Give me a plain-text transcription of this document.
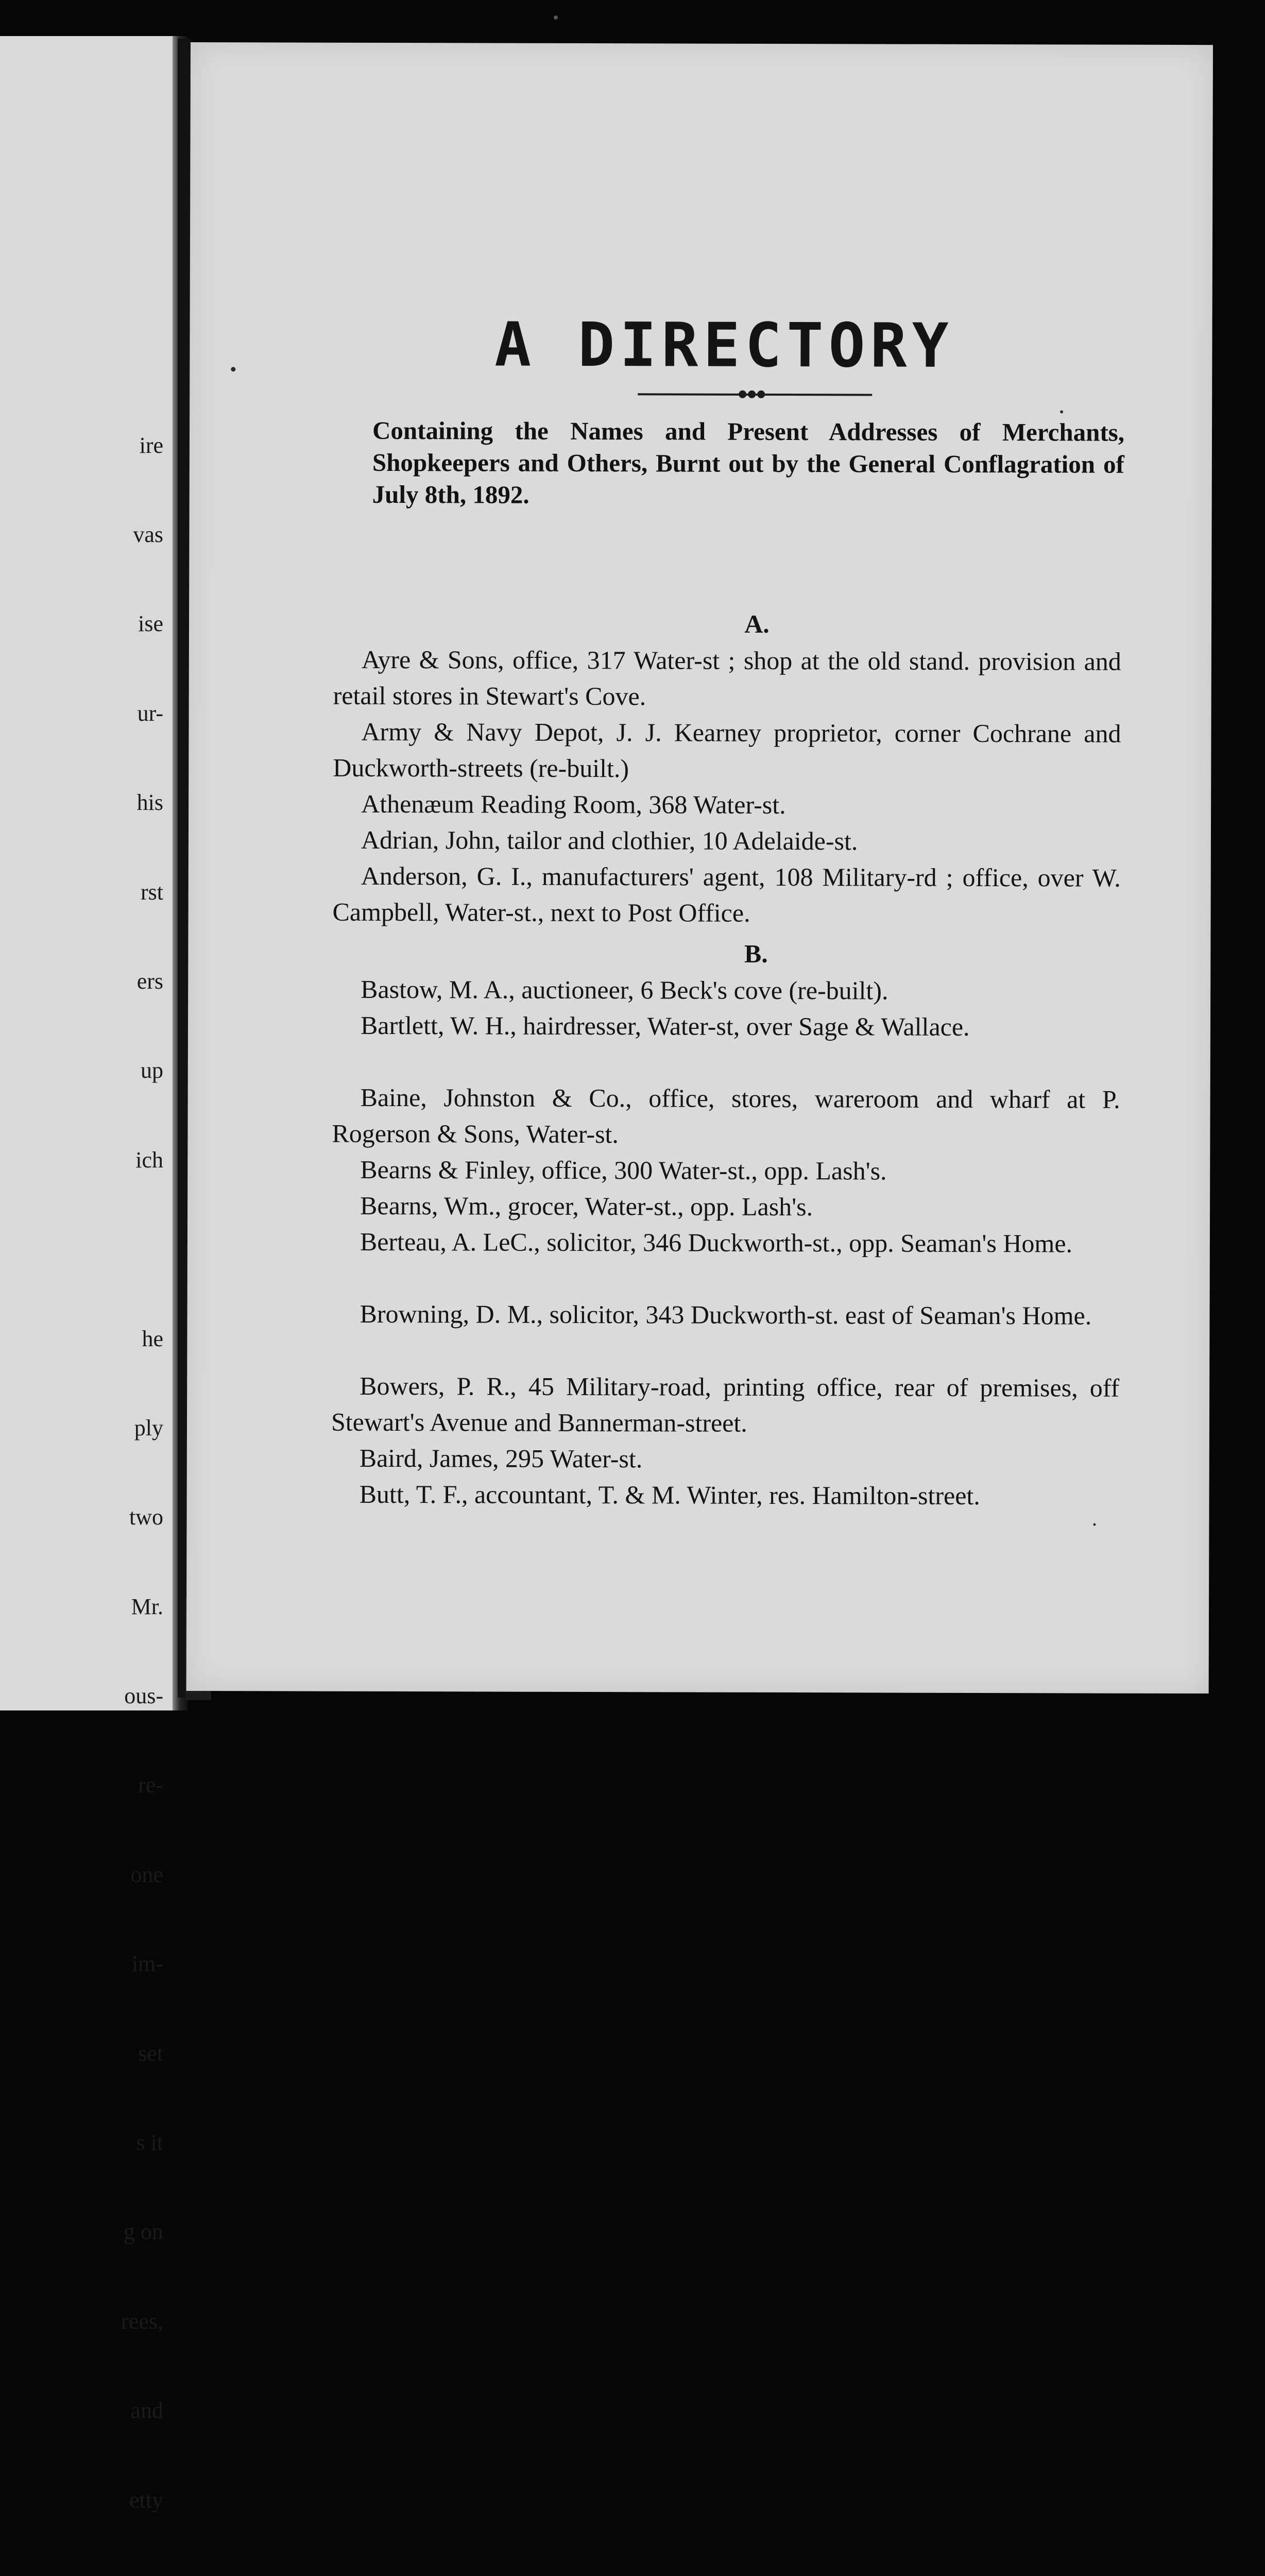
ire

vas

ise

ur-

his

rst

ers

up

ich

he

ply

two

Mr.

ous-

re-

one

im-

set

s it

g on

rees,

and

etty

A DIRECTORY
Containing the Names and Present Addresses of Merchants, Shopkeepers and Others, Burnt out by the General Conflagration of July 8th, 1892.
A.
Ayre & Sons, office, 317 Water-st ; shop at the old stand. provision and retail stores in Stewart's Cove.
Army & Navy Depot, J. J. Kearney proprietor, corner Cochrane and Duckworth-streets (re-built.)
Athenæum Reading Room, 368 Water-st.
Adrian, John, tailor and clothier, 10 Adelaide-st.
Anderson, G. I., manufacturers' agent, 108 Military-rd ; office, over W. Campbell, Water-st., next to Post Office.
B.
Bastow, M. A., auctioneer, 6 Beck's cove (re-built).
Bartlett, W. H., hairdresser, Water-st, over Sage & Wallace.
Baine, Johnston & Co., office, stores, wareroom and wharf at P. Rogerson & Sons, Water-st.
Bearns & Finley, office, 300 Water-st., opp. Lash's.
Bearns, Wm., grocer, Water-st., opp. Lash's.
Berteau, A. LeC., solicitor, 346 Duckworth-st., opp. Seaman's Home.
Browning, D. M., solicitor, 343 Duckworth-st. east of Seaman's Home.
Bowers, P. R., 45 Military-road, printing office, rear of premises, off Stewart's Avenue and Bannerman-street.
Baird, James, 295 Water-st.
Butt, T. F., accountant, T. & M. Winter, res. Hamilton-street.
